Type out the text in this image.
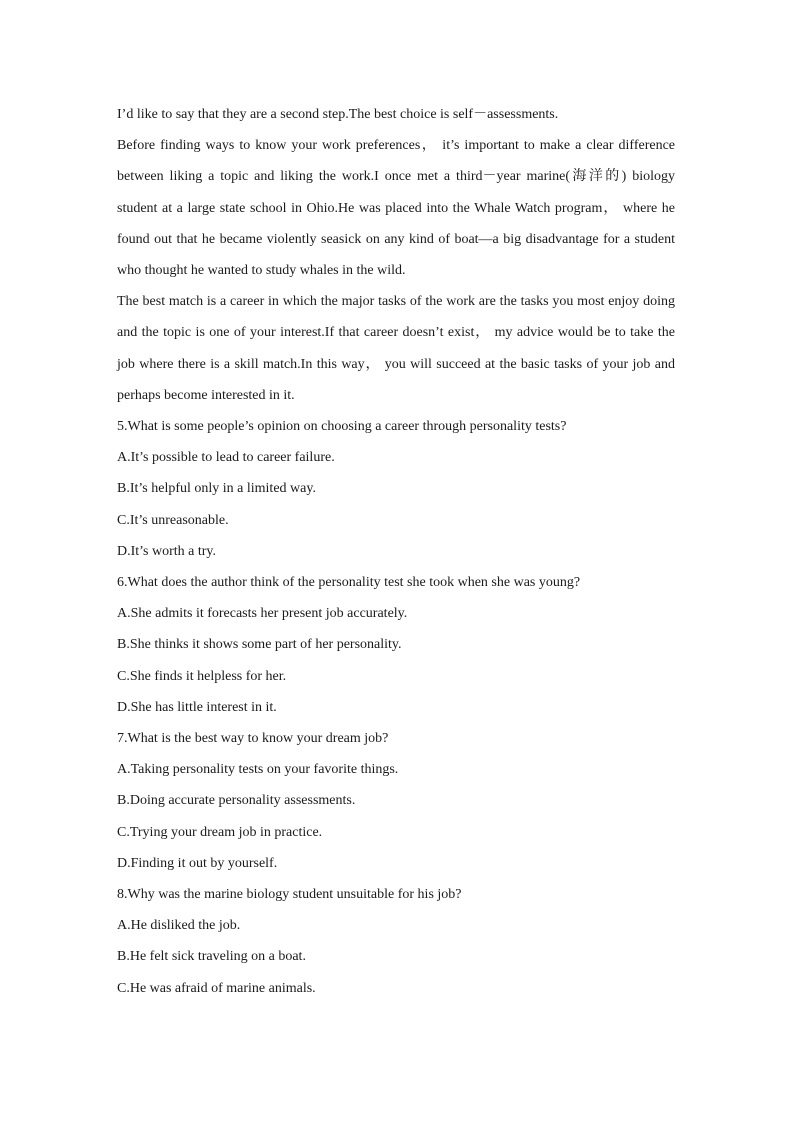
I’d like to say that they are a second step.The best choice is self－assessments.

Before finding ways to know your work preferences， it’s important to make a clear difference between liking a topic and liking the work.I once met a third－year marine(海洋的) biology student at a large state school in Ohio.He was placed into the Whale Watch program， where he found out that he became violently seasick on any kind of boat—a big disadvantage for a student who thought he wanted to study whales in the wild.

The best match is a career in which the major tasks of the work are the tasks you most enjoy doing and the topic is one of your interest.If that career doesn’t exist， my advice would be to take the job where there is a skill match.In this way， you will succeed at the basic tasks of your job and perhaps become interested in it.

5.What is some people’s opinion on choosing a career through personality tests?

A.It’s possible to lead to career failure.

B.It’s helpful only in a limited way.

C.It’s unreasonable.

D.It’s worth a try.

6.What does the author think of the personality test she took when she was young?

A.She admits it forecasts her present job accurately.

B.She thinks it shows some part of her personality.

C.She finds it helpless for her.

D.She has little interest in it.

7.What is the best way to know your dream job?

A.Taking personality tests on your favorite things.

B.Doing accurate personality assessments.

C.Trying your dream job in practice.

D.Finding it out by yourself.

8.Why was the marine biology student unsuitable for his job?

A.He disliked the job.

B.He felt sick traveling on a boat.

C.He was afraid of marine animals.
